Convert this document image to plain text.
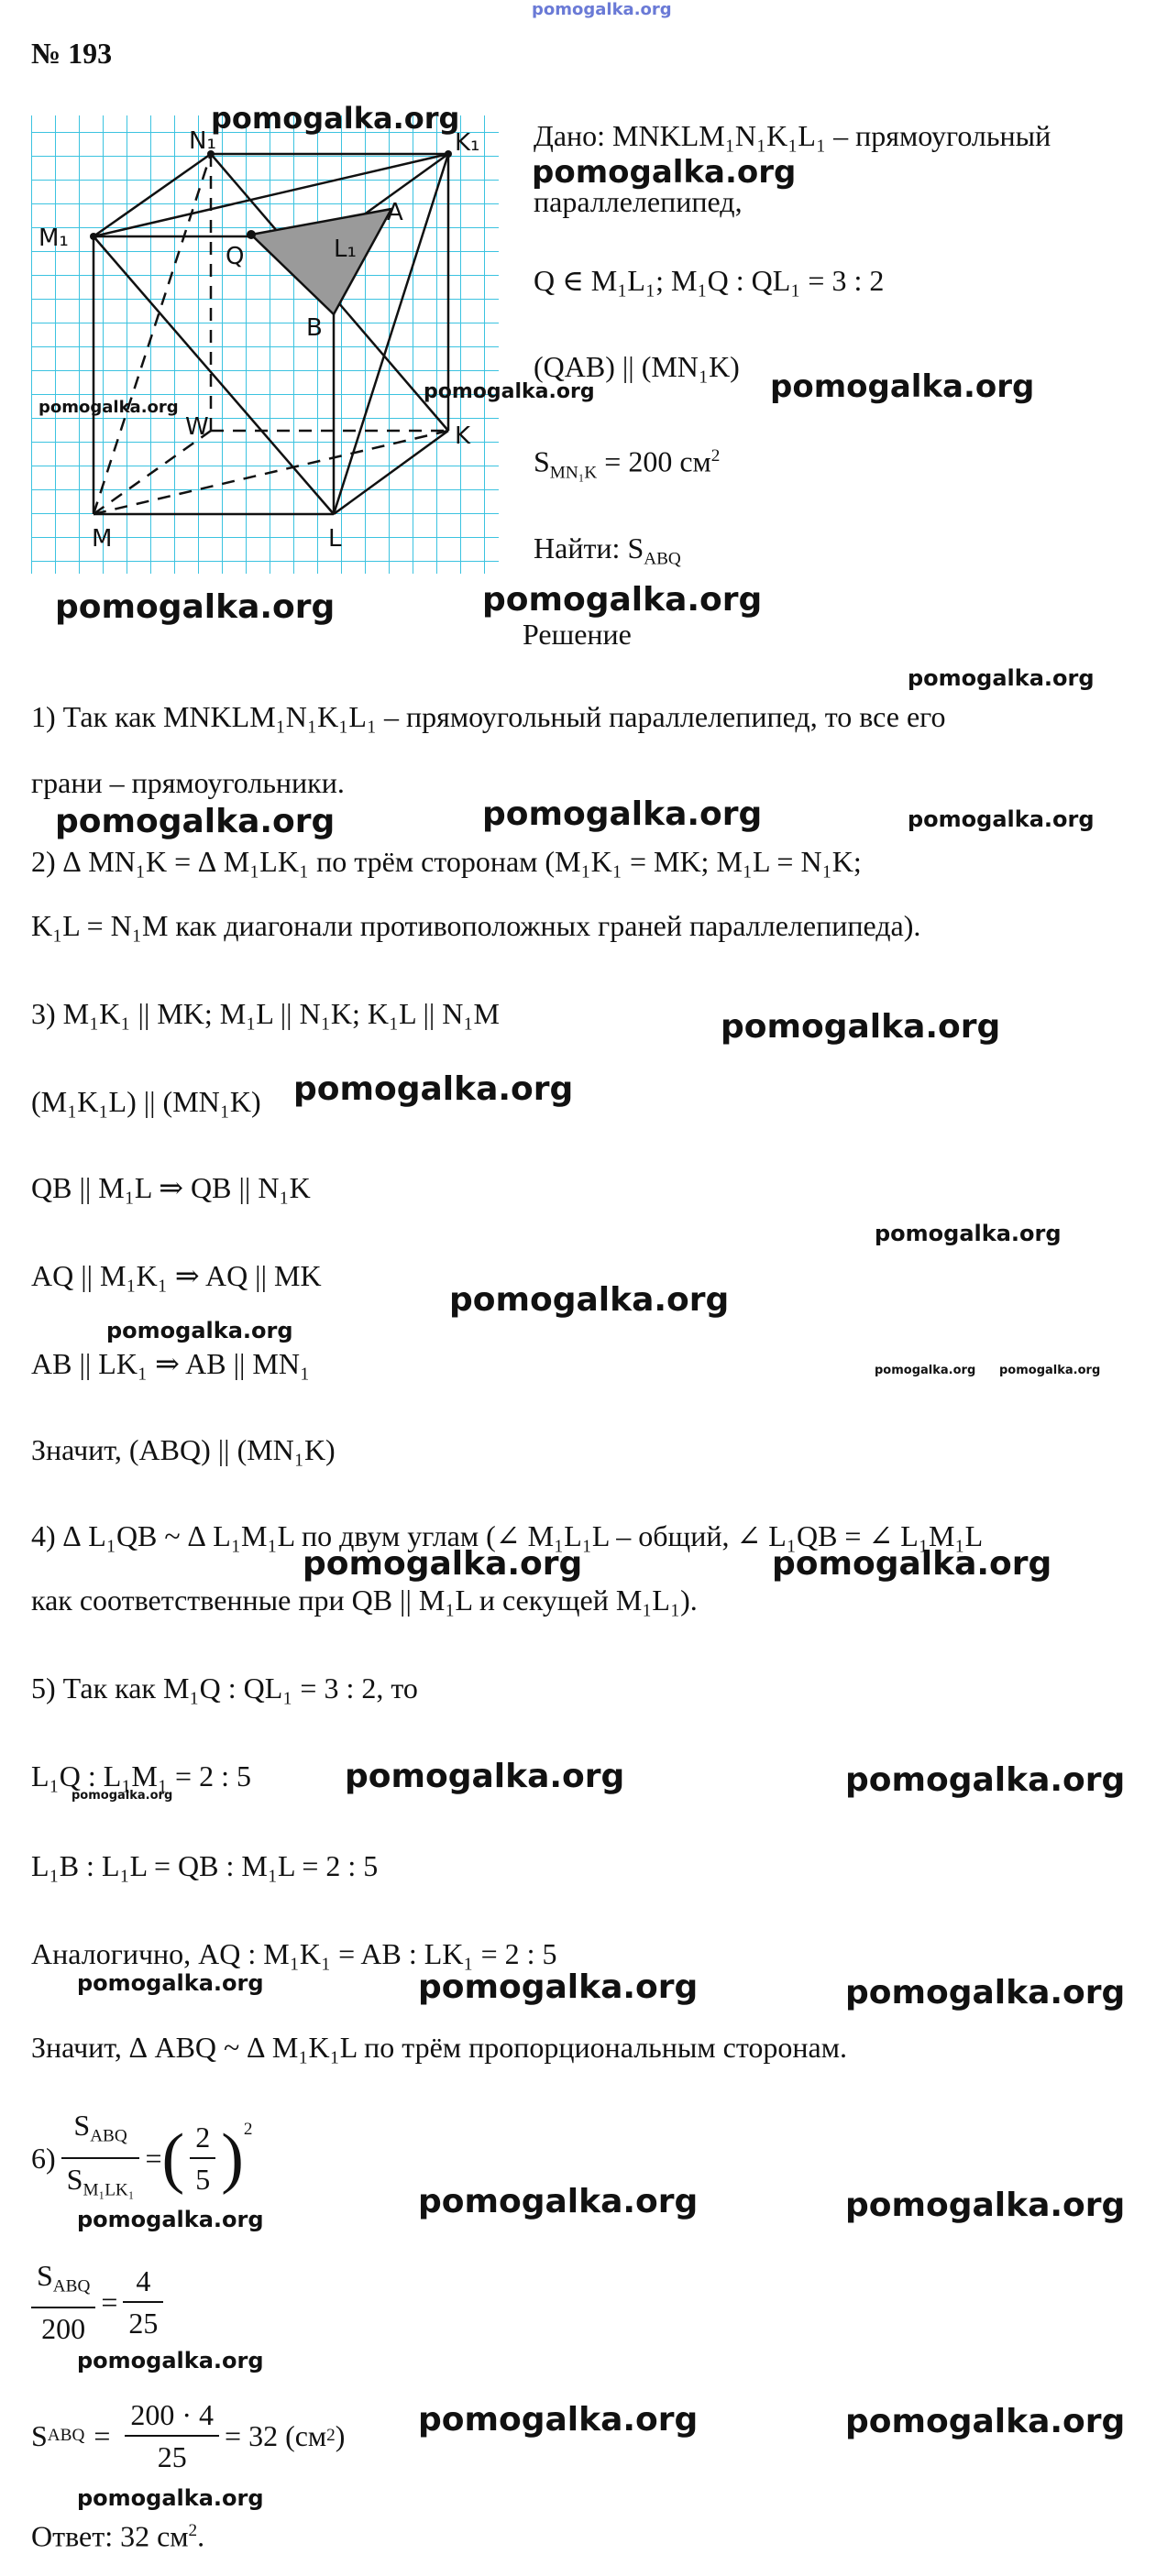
pomogalka.org
№ 193
N₁	K₁
M₁
Q
A
L₁
B
W	K
M	L
pomogalka.org
pomogalka.org
pomogalka.org
Дано: MNKLM₁N₁K₁L₁ – прямоугольный
параллелепипед,
Q ∈ M₁L₁; M₁Q : QL₁ = 3 : 2
(QAB) || (MN₁K)
$S_{MN_1K} = 200$ $см^2$
Найти: $S_{ABQ}$
Решение
1) Так как MNKLM₁N₁K₁L₁ – прямоугольный параллелепипед, то все его
грани – прямоугольники.
2) ∆ MN₁K = ∆ M₁LK₁ по трём сторонам (M₁K₁ = MK; M₁L = N₁K;
K₁L = N₁M как диагонали противоположных граней параллелепипеда).
3) M₁K₁ || MK; M₁L || N₁K; K₁L || N₁M
(M₁K₁L) || (MN₁K)
QB || M₁L ⇒ QB || N₁K
AQ || M₁K₁ ⇒ AQ || MK
AB || LK₁ ⇒ AB || MN₁
Значит, (ABQ) || (MN₁K)
4) ∆ L₁QB ~ ∆ L₁M₁L по двум углам (∠ M₁L₁L – общий, ∠ L₁QB = ∠ L₁M₁L
как соответственные при QB || M₁L и секущей M₁L₁).
5) Так как M₁Q : QL₁ = 3 : 2, то
L₁Q : L₁M₁ = 2 : 5
L₁B : L₁L = QB : M₁L = 2 : 5
Аналогично, AQ : M₁K₁ = AB : LK₁ = 2 : 5
Значит, ∆ ABQ ~ ∆ M₁K₁L по трём пропорциональным сторонам.
$6) \frac{S_{ABQ}}{S_{M_1LK_1}}$ = ( $\frac{2}{5} )^2$
$\frac{S_{ABQ}}{200} = \frac{4}{25}$
S ABQ = $\frac{200 \cdot 4}{25} = 32$ (см 2 )
Ответ: 32 $см^2$.
pomogalka.org
pomogalka.org
pomogalka.org	pomogalka.org
pomogalka.org
pomogalka.org	pomogalka.org	pomogalka.org
pomogalka.org
pomogalka.org
pomogalka.org
pomogalka.org
pomogalka.org
pomogalka.org pomogalka.org
pomogalka.org	pomogalka.org
pomogalka.org
pomogalka.org	pomogalka.org
pomogalka.org	pomogalka.org	pomogalka.org
pomogalka.org	pomogalka.org	pomogalka.org
pomogalka.org
pomogalka.org	pomogalka.org
pomogalka.org
